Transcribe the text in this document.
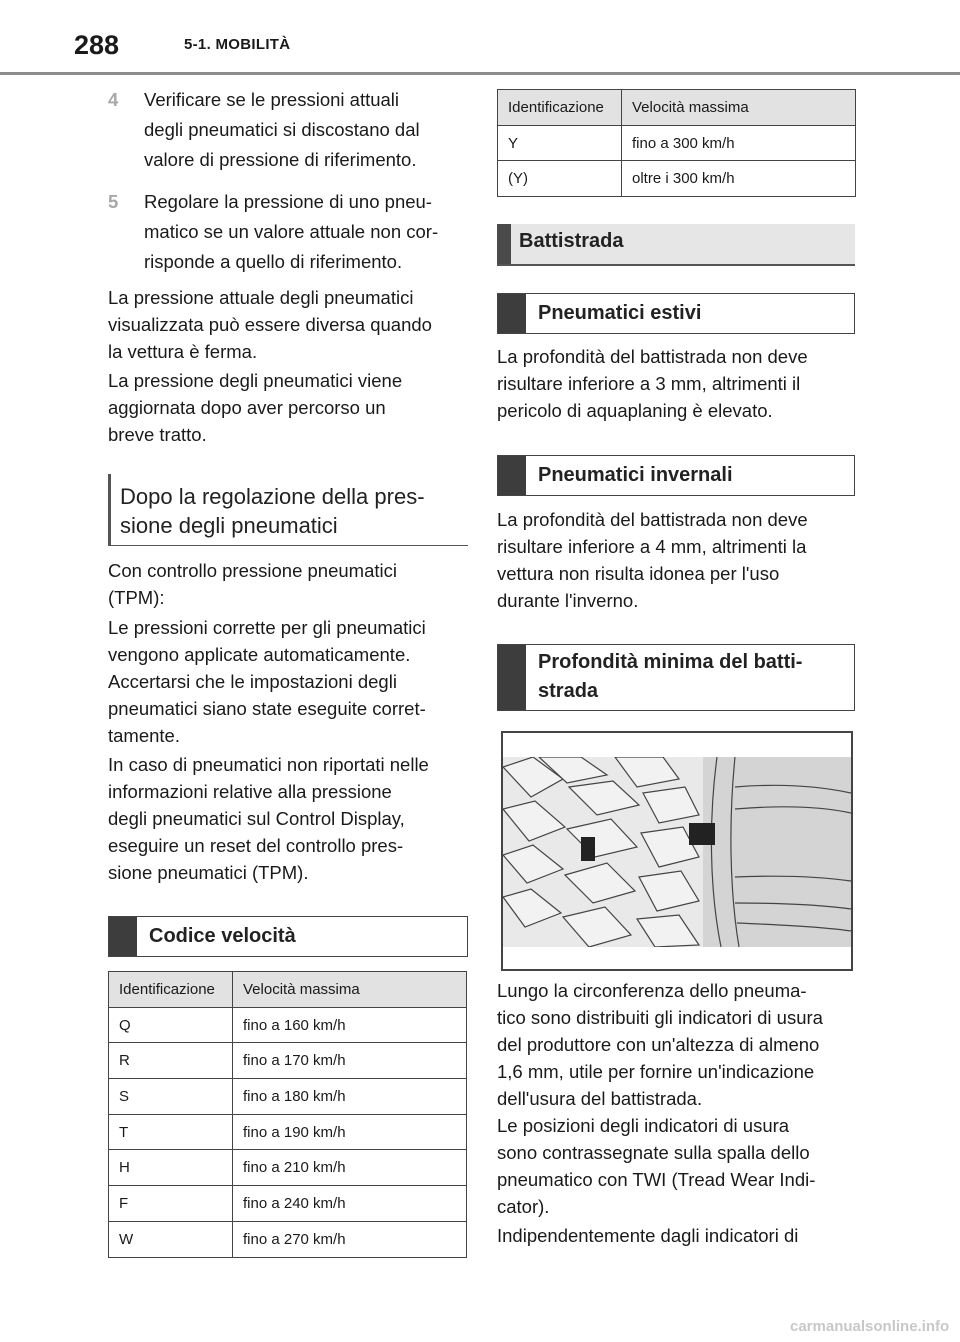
288	5-1. MOBILITÀ
4 Verificare se le pressioni attuali
degli pneumatici si discostano dal
valore di pressione di riferimento.
5 Regolare la pressione di uno pneu-
matico se un valore attuale non cor-
risponde a quello di riferimento.
La pressione attuale degli pneumatici
visualizzata può essere diversa quando
la vettura è ferma.
La pressione degli pneumatici viene
aggiornata dopo aver percorso un
breve tratto.
Dopo la regolazione della pres-
sione degli pneumatici
Con controllo pressione pneumatici
(TPM):
Le pressioni corrette per gli pneumatici
vengono applicate automaticamente.
Accertarsi che le impostazioni degli
pneumatici siano state eseguite corret-
tamente.
In caso di pneumatici non riportati nelle
informazioni relative alla pressione
degli pneumatici sul Control Display,
eseguire un reset del controllo pres-
sione pneumatici (TPM).
Codice velocità
Identificazione	Velocità massima
Q	fino a 160 km/h
R	fino a 170 km/h
S	fino a 180 km/h
T	fino a 190 km/h
H	fino a 210 km/h
F	fino a 240 km/h
W	fino a 270 km/h
Identificazione	Velocità massima
Y	fino a 300 km/h
(Y)	oltre i 300 km/h
Battistrada
Pneumatici estivi
La profondità del battistrada non deve
risultare inferiore a 3 mm, altrimenti il
pericolo di aquaplaning è elevato.
Pneumatici invernali
La profondità del battistrada non deve
risultare inferiore a 4 mm, altrimenti la
vettura non risulta idonea per l'uso
durante l'inverno.
Profondità minima del batti-
strada
Lungo la circonferenza dello pneuma-
tico sono distribuiti gli indicatori di usura
del produttore con un'altezza di almeno
1,6 mm, utile per fornire un'indicazione
dell'usura del battistrada.
Le posizioni degli indicatori di usura
sono contrassegnate sulla spalla dello
pneumatico con TWI (Tread Wear Indi-
cator).
Indipendentemente dagli indicatori di
carmanualsonline.info
